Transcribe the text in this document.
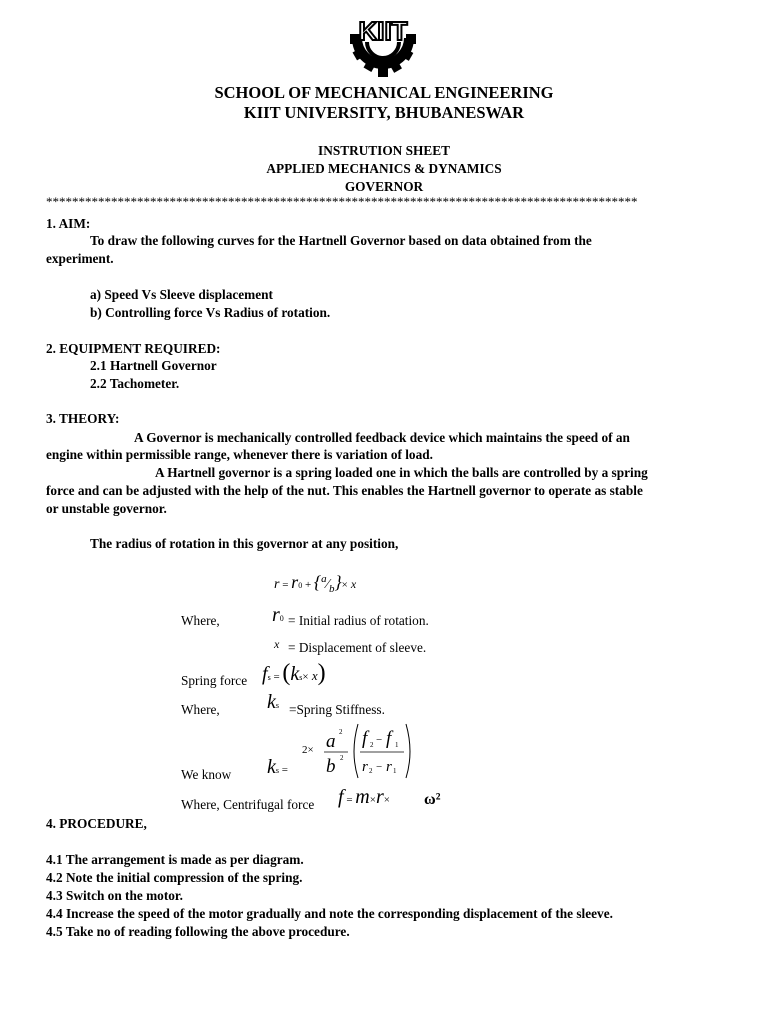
KIIT
SCHOOL OF MECHANICAL ENGINEERING
KIIT UNIVERSITY, BHUBANESWAR
INSTRUTION SHEET
APPLIED MECHANICS & DYNAMICS
GOVERNOR
*******************************************************************************************
1. AIM:
To draw the following curves for the Hartnell Governor based on data obtained from the
experiment.
a) Speed Vs Sleeve displacement
b) Controlling force Vs Radius of rotation.
2. EQUIPMENT REQUIRED:
2.1 Hartnell Governor
2.2 Tachometer.
3. THEORY:
A Governor is mechanically controlled feedback device which maintains the speed of an
engine within permissible range, whenever there is variation of load.
A Hartnell governor is a spring loaded one in which the balls are controlled by a spring
force and can be adjusted with the help of the nut. This enables the Hartnell governor to operate as stable
or unstable governor.
The radius of rotation in this governor at any position,
$r = r0 + \{^a⁄_b\}\times x$
Where,	r0 = Initial radius of rotation.
x = Displacement of sleeve.
Spring force fs = (ks× x)
Where, ks =Spring Stiffness.
We know ks =
2× a 2
b 2
f 2 − f 1
r 2 − r 1
Where, Centrifugal force f = m×r× ω²
4. PROCEDURE,
4.1 The arrangement is made as per diagram.
4.2 Note the initial compression of the spring.
4.3 Switch on the motor.
4.4 Increase the speed of the motor gradually and note the corresponding displacement of the sleeve.
4.5 Take no of reading following the above procedure.
